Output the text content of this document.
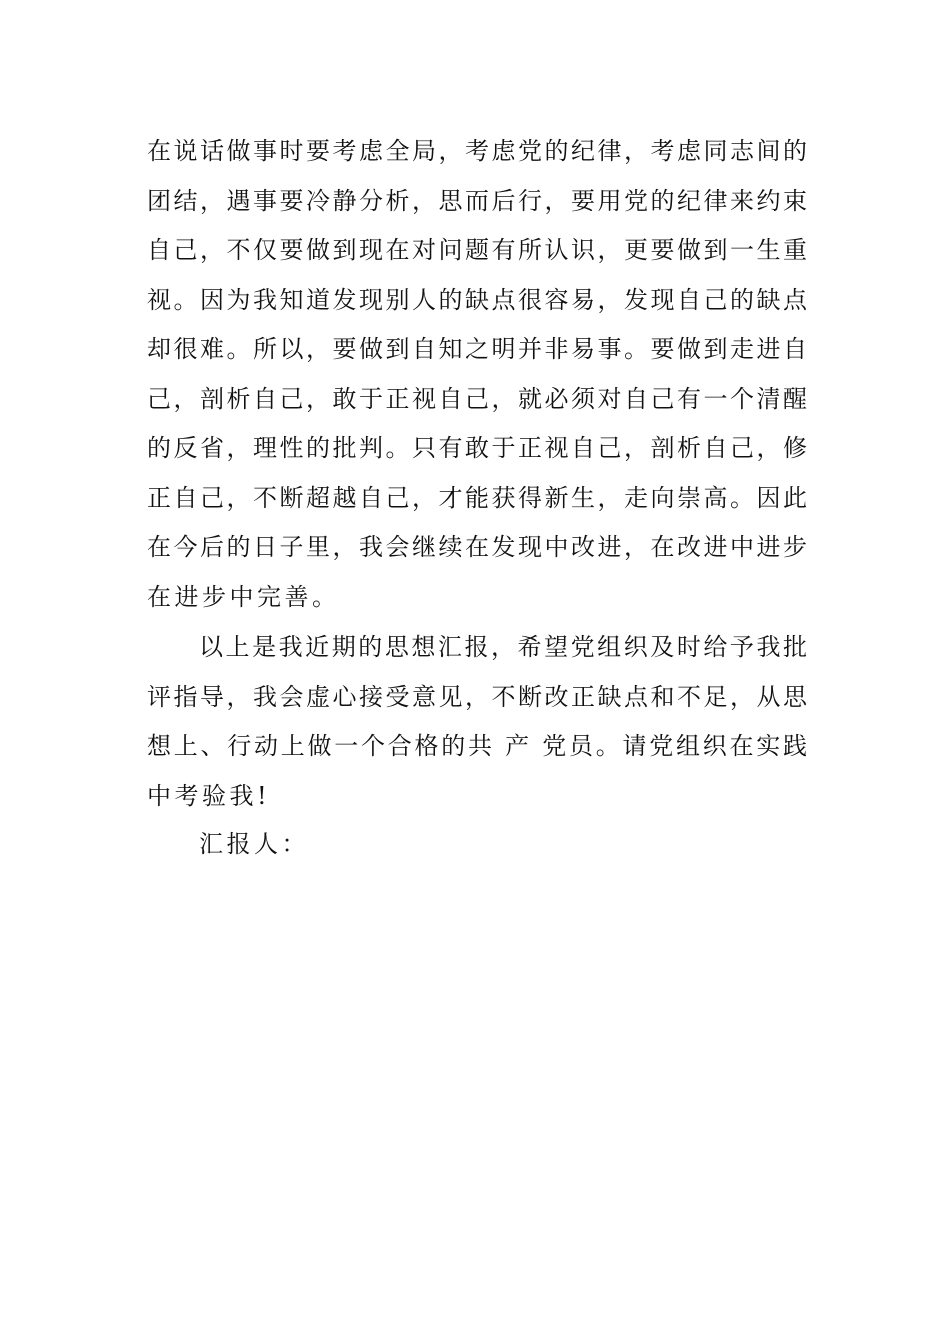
在说话做事时要考虑全局，考虑党的纪律，考虑同志间的
团结，遇事要冷静分析，思而后行，要用党的纪律来约束
自己，不仅要做到现在对问题有所认识，更要做到一生重
视。因为我知道发现别人的缺点很容易，发现自己的缺点
却很难。所以，要做到自知之明并非易事。要做到走进自
己，剖析自己，敢于正视自己，就必须对自己有一个清醒
的反省，理性的批判。只有敢于正视自己，剖析自己，修
正自己，不断超越自己，才能获得新生，走向崇高。因此
在今后的日子里，我会继续在发现中改进，在改进中进步
在进步中完善。
以上是我近期的思想汇报，希望党组织及时给予我批
评指导，我会虚心接受意见，不断改正缺点和不足，从思
想上、行动上做一个合格的共 产 党员。请党组织在实践
中考验我!
汇报人：
